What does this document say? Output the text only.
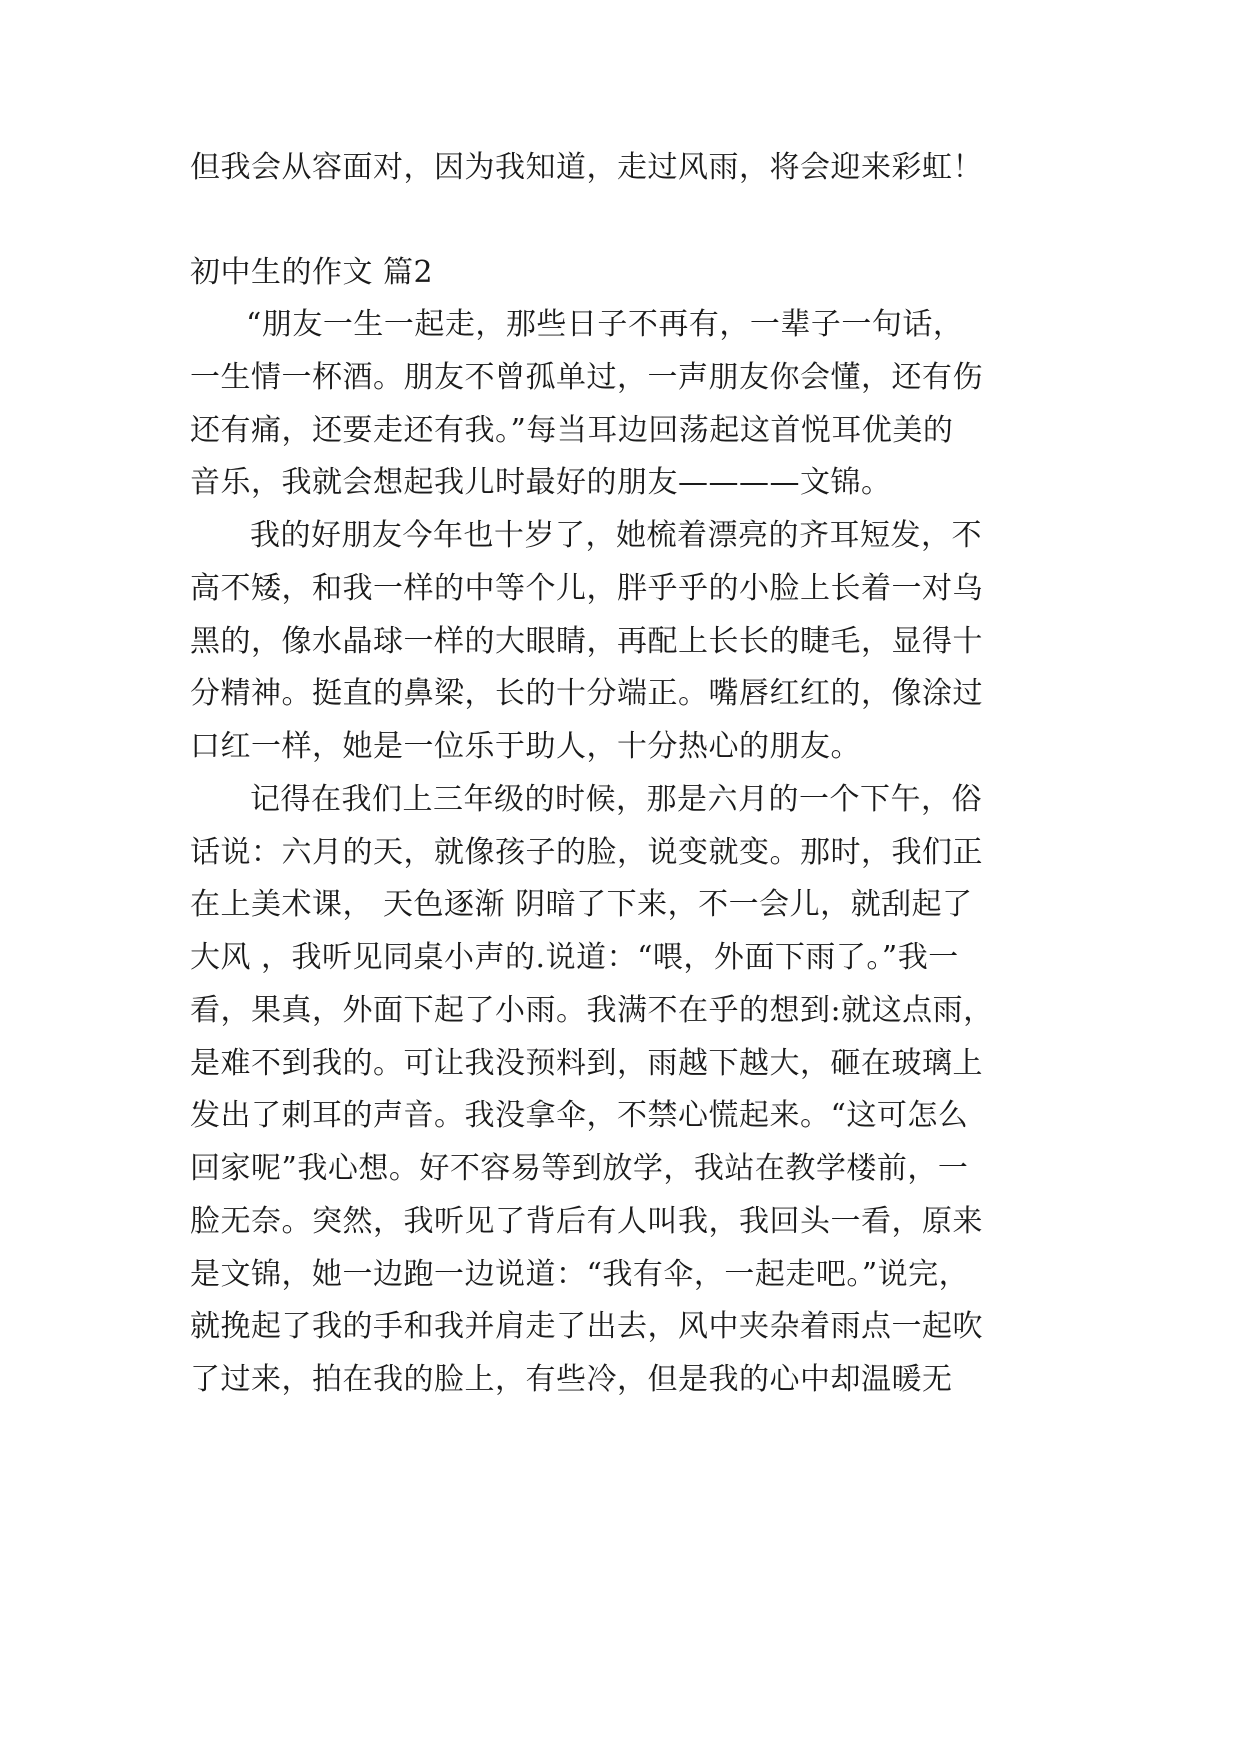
但我会从容面对，因为我知道，走过风雨，将会迎来彩虹！

初中生的作文 篇2

“朋友一生一起走，那些日子不再有，一辈子一句话，

一生情一杯酒。朋友不曾孤单过，一声朋友你会懂，还有伤

还有痛，还要走还有我。”每当耳边回荡起这首悦耳优美的

音乐，我就会想起我儿时最好的朋友————文锦。

我的好朋友今年也十岁了，她梳着漂亮的齐耳短发，不

高不矮，和我一样的中等个儿，胖乎乎的小脸上长着一对乌

黑的，像水晶球一样的大眼睛，再配上长长的睫毛，显得十

分精神。挺直的鼻梁，长的十分端正。嘴唇红红的，像涂过

口红一样，她是一位乐于助人，十分热心的朋友。

记得在我们上三年级的时候，那是六月的一个下午，俗

话说：六月的天，就像孩子的脸，说变就变。那时，我们正

在上美术课， 天色逐渐 阴暗了下来，不一会儿，就刮起了

大风 ，我听见同桌小声的.说道：“喂，外面下雨了。”我一

看，果真，外面下起了小雨。我满不在乎的想到:就这点雨，

是难不到我的。可让我没预料到，雨越下越大，砸在玻璃上

发出了刺耳的声音。我没拿伞，不禁心慌起来。“这可怎么

回家呢”我心想。好不容易等到放学，我站在教学楼前，一

脸无奈。突然，我听见了背后有人叫我，我回头一看，原来

是文锦，她一边跑一边说道：“我有伞，一起走吧。”说完，

就挽起了我的手和我并肩走了出去，风中夹杂着雨点一起吹

了过来，拍在我的脸上，有些冷，但是我的心中却温暖无
